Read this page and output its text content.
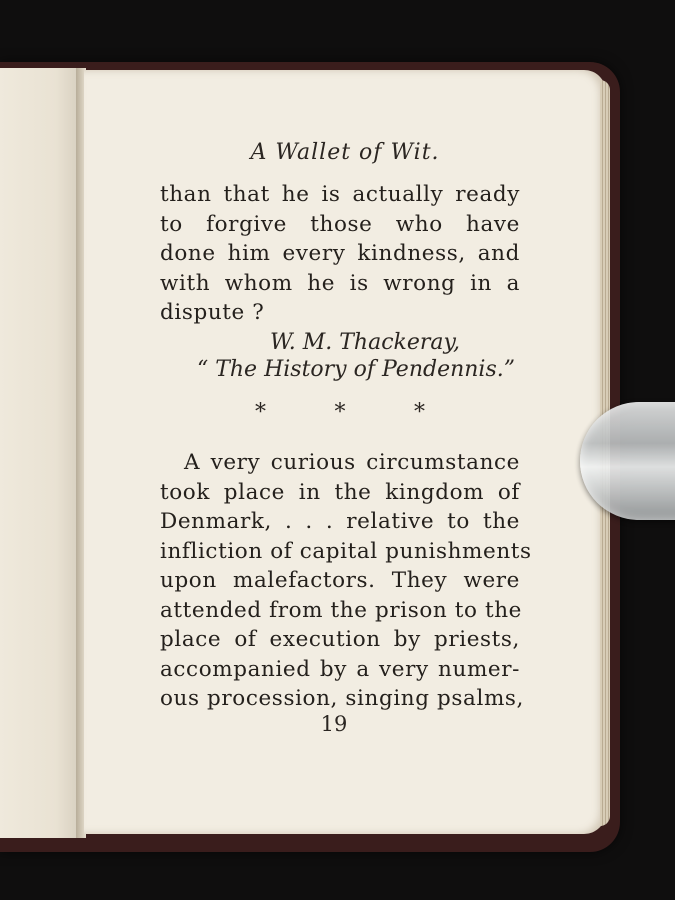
A Wallet of Wit.
than that he is actually ready
to forgive those who have
done him every kindness, and
with whom he is wrong in a
dispute ?
W. M. Thackeray,
“ The History of Pendennis.”
*	*	*
A very curious circumstance
took place in the kingdom of
Denmark, . . . relative to the
infliction of capital punishments
upon malefactors. They were
attended from the prison to the
place of execution by priests,
accompanied by a very numer-
ous procession, singing psalms,
19
